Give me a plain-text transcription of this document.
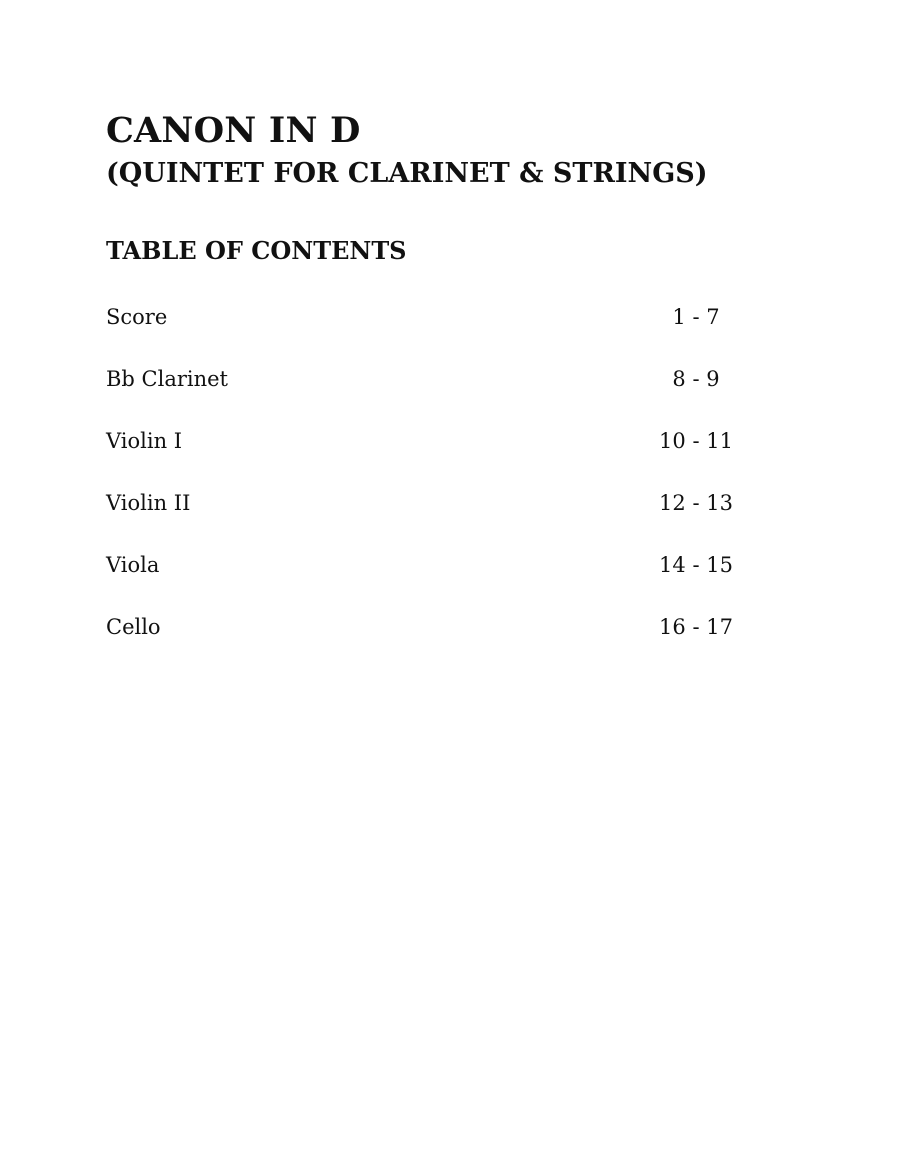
CANON IN D
(QUINTET FOR CLARINET & STRINGS)
TABLE OF CONTENTS
Score	1 - 7
Bb Clarinet	8 - 9
Violin I	10 - 11
Violin II	12 - 13
Viola	14 - 15
Cello	16 - 17
